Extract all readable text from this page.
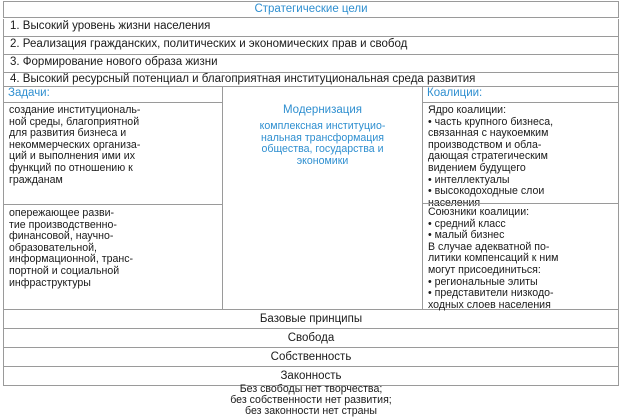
Стратегические цели
1. Высокий уровень жизни населения
2. Реализация гражданских, политических и экономических прав и свобод
3. Формирование нового образа жизни
4. Высокий ресурсный потенциал и благоприятная институциональная среда развития
Задачи:
создание институциональ-
ной среды, благоприятной
для развития бизнеса и
некоммерческих организа-
ций и выполнения ими их
функций по отношению к
гражданам
опережающее разви-
тие производственно-
финансовой, научно-
образовательной,
информационной, транс-
портной и социальной
инфраструктуры
Модернизация
комплексная институцио-
нальная трансформация
общества, государства и
экономики
Коалиции:
Ядро коалиции:
• часть крупного бизнеса,
связанная с наукоемким
производством и обла-
дающая стратегическим
видением будущего
• интеллектуалы
• высокодоходные слои
населения
Союзники коалиции:
• средний класс
• малый бизнес
В случае адекватной по-
литики компенсаций к ним
могут присоединиться:
• региональные элиты
• представители низкодо-
ходных слоев населения
Базовые принципы
Свобода
Собственность
Законность
Без свободы нет творчества;
без собственности нет развития;
без законности нет страны
